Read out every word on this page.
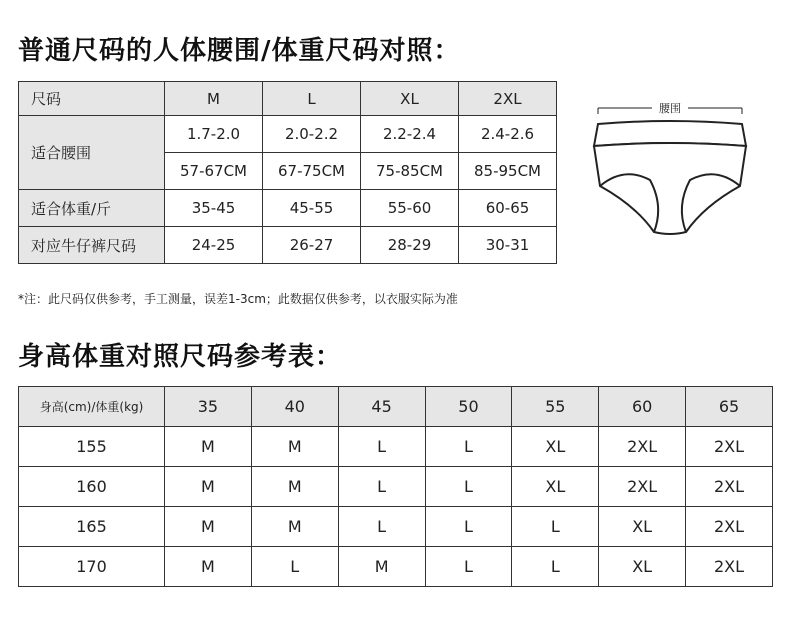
普通尺码的人体腰围/体重尺码对照：
尺码	M	L	XL	2XL
适合腰围	1.7-2.0	2.0-2.2	2.2-2.4	2.4-2.6
	57-67CM	67-75CM	75-85CM	85-95CM
适合体重/斤	35-45	45-55	55-60	60-65
对应牛仔裤尺码	24-25	26-27	28-29	30-31
腰围
*注：此尺码仅供参考，手工测量，误差1-3cm；此数据仅供参考，以衣服实际为准
身高体重对照尺码参考表：
身高(cm)/体重(kg)	35	40	45	50	55	60	65
155	M	M	L	L	XL	2XL	2XL
160	M	M	L	L	XL	2XL	2XL
165	M	M	L	L	L	XL	2XL
170	M	L	M	L	L	XL	2XL
